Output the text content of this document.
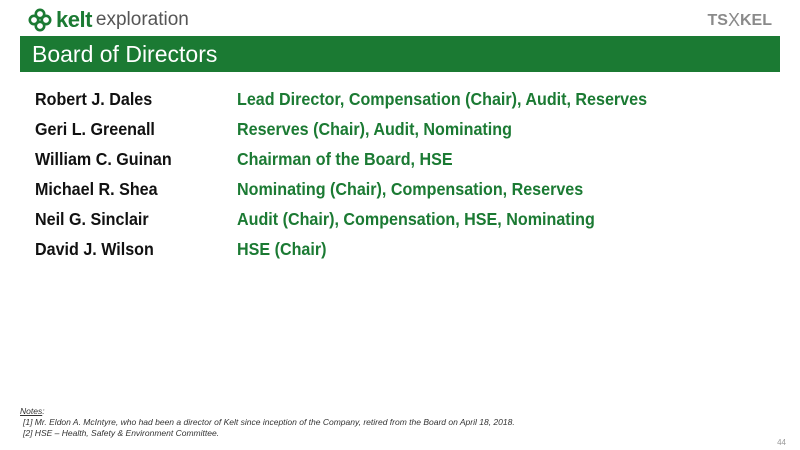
kelt exploration	TSXKEL
Board of Directors
Robert J. Dales	Lead Director, Compensation (Chair), Audit, Reserves
Geri L. Greenall	Reserves (Chair), Audit, Nominating
William C. Guinan	Chairman of the Board, HSE
Michael R. Shea	Nominating (Chair), Compensation, Reserves
Neil G. Sinclair	Audit (Chair), Compensation, HSE, Nominating
David J. Wilson	HSE (Chair)
Notes:
[1] Mr. Eldon A. McIntyre, who had been a director of Kelt since inception of the Company, retired from the Board on April 18, 2018.
[2] HSE – Health, Safety & Environment Committee.
44
